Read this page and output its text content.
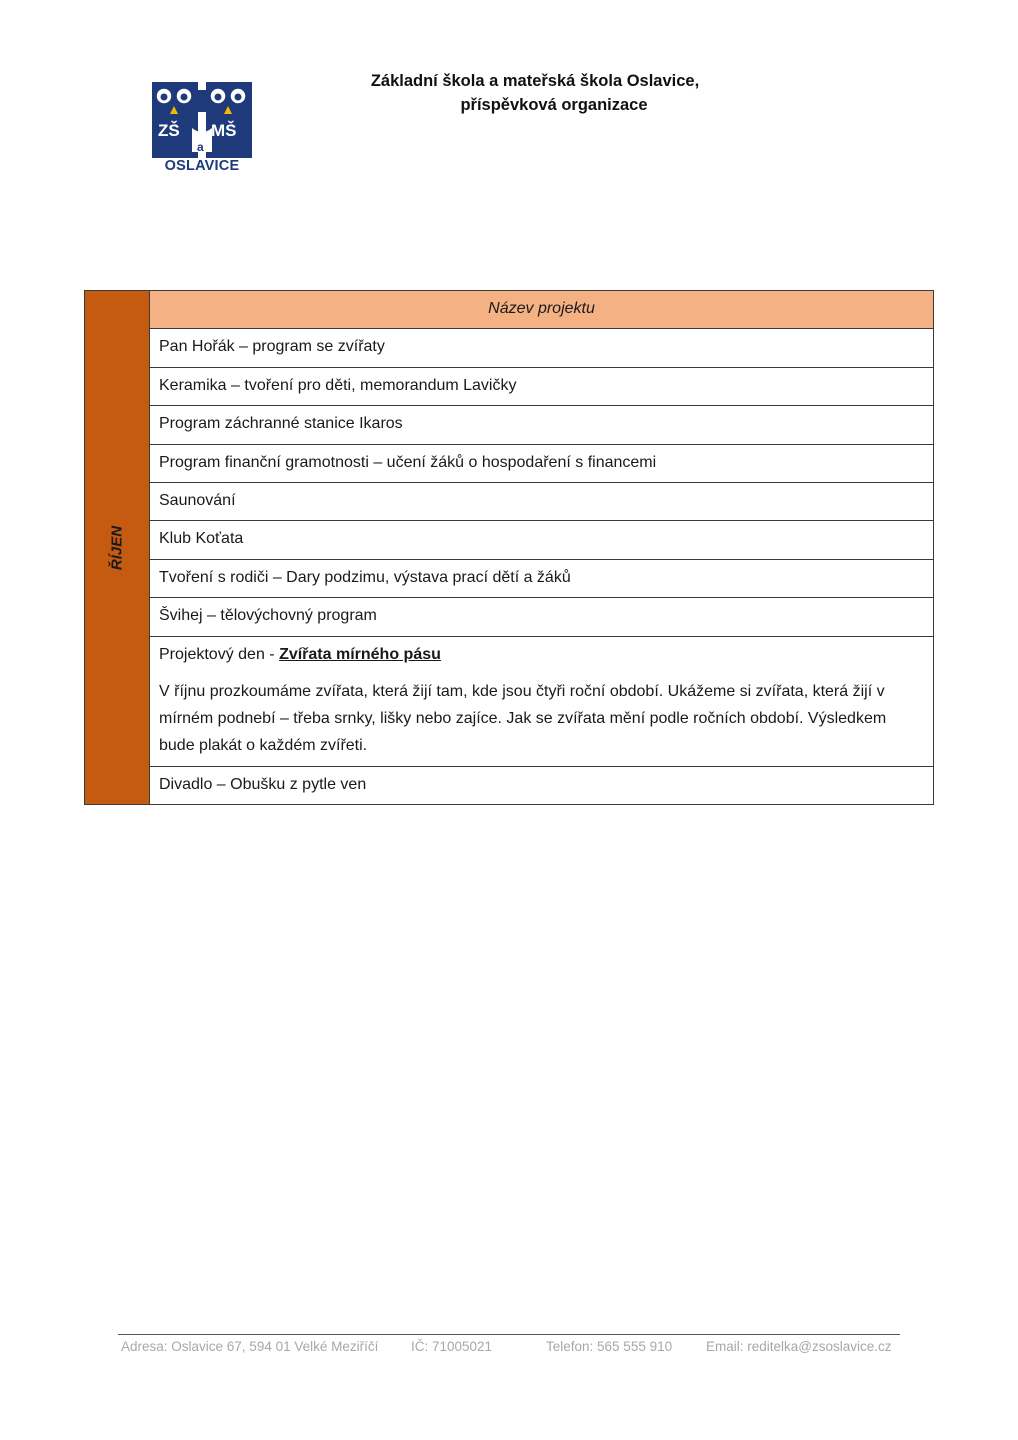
ZŠ MŠ
a
OSLAVICE
Základní škola a mateřská škola Oslavice,
příspěvková organizace
ŘÍJEN
Název projektu
Pan Hořák – program se zvířaty
Keramika – tvoření pro děti, memorandum Lavičky
Program záchranné stanice Ikaros
Program finanční gramotnosti – učení žáků o hospodaření s financemi
Saunování
Klub Koťata
Tvoření s rodiči – Dary podzimu, výstava prací dětí a žáků
Švihej – tělovýchovný program
Projektový den - Zvířata mírného pásu

V říjnu prozkoumáme zvířata, která žijí tam, kde jsou čtyři roční období. Ukážeme si zvířata, která žijí v mírném podnebí – třeba srnky, lišky nebo zajíce. Jak se zvířata mění podle ročních období. Výsledkem bude plakát o každém zvířeti.

Divadlo – Obušku z pytle ven
Adresa: Oslavice 67, 594 01 Velké Meziříčí IČ: 71005021	Telefon: 565 555 910	Email: reditelka@zsoslavice.cz
